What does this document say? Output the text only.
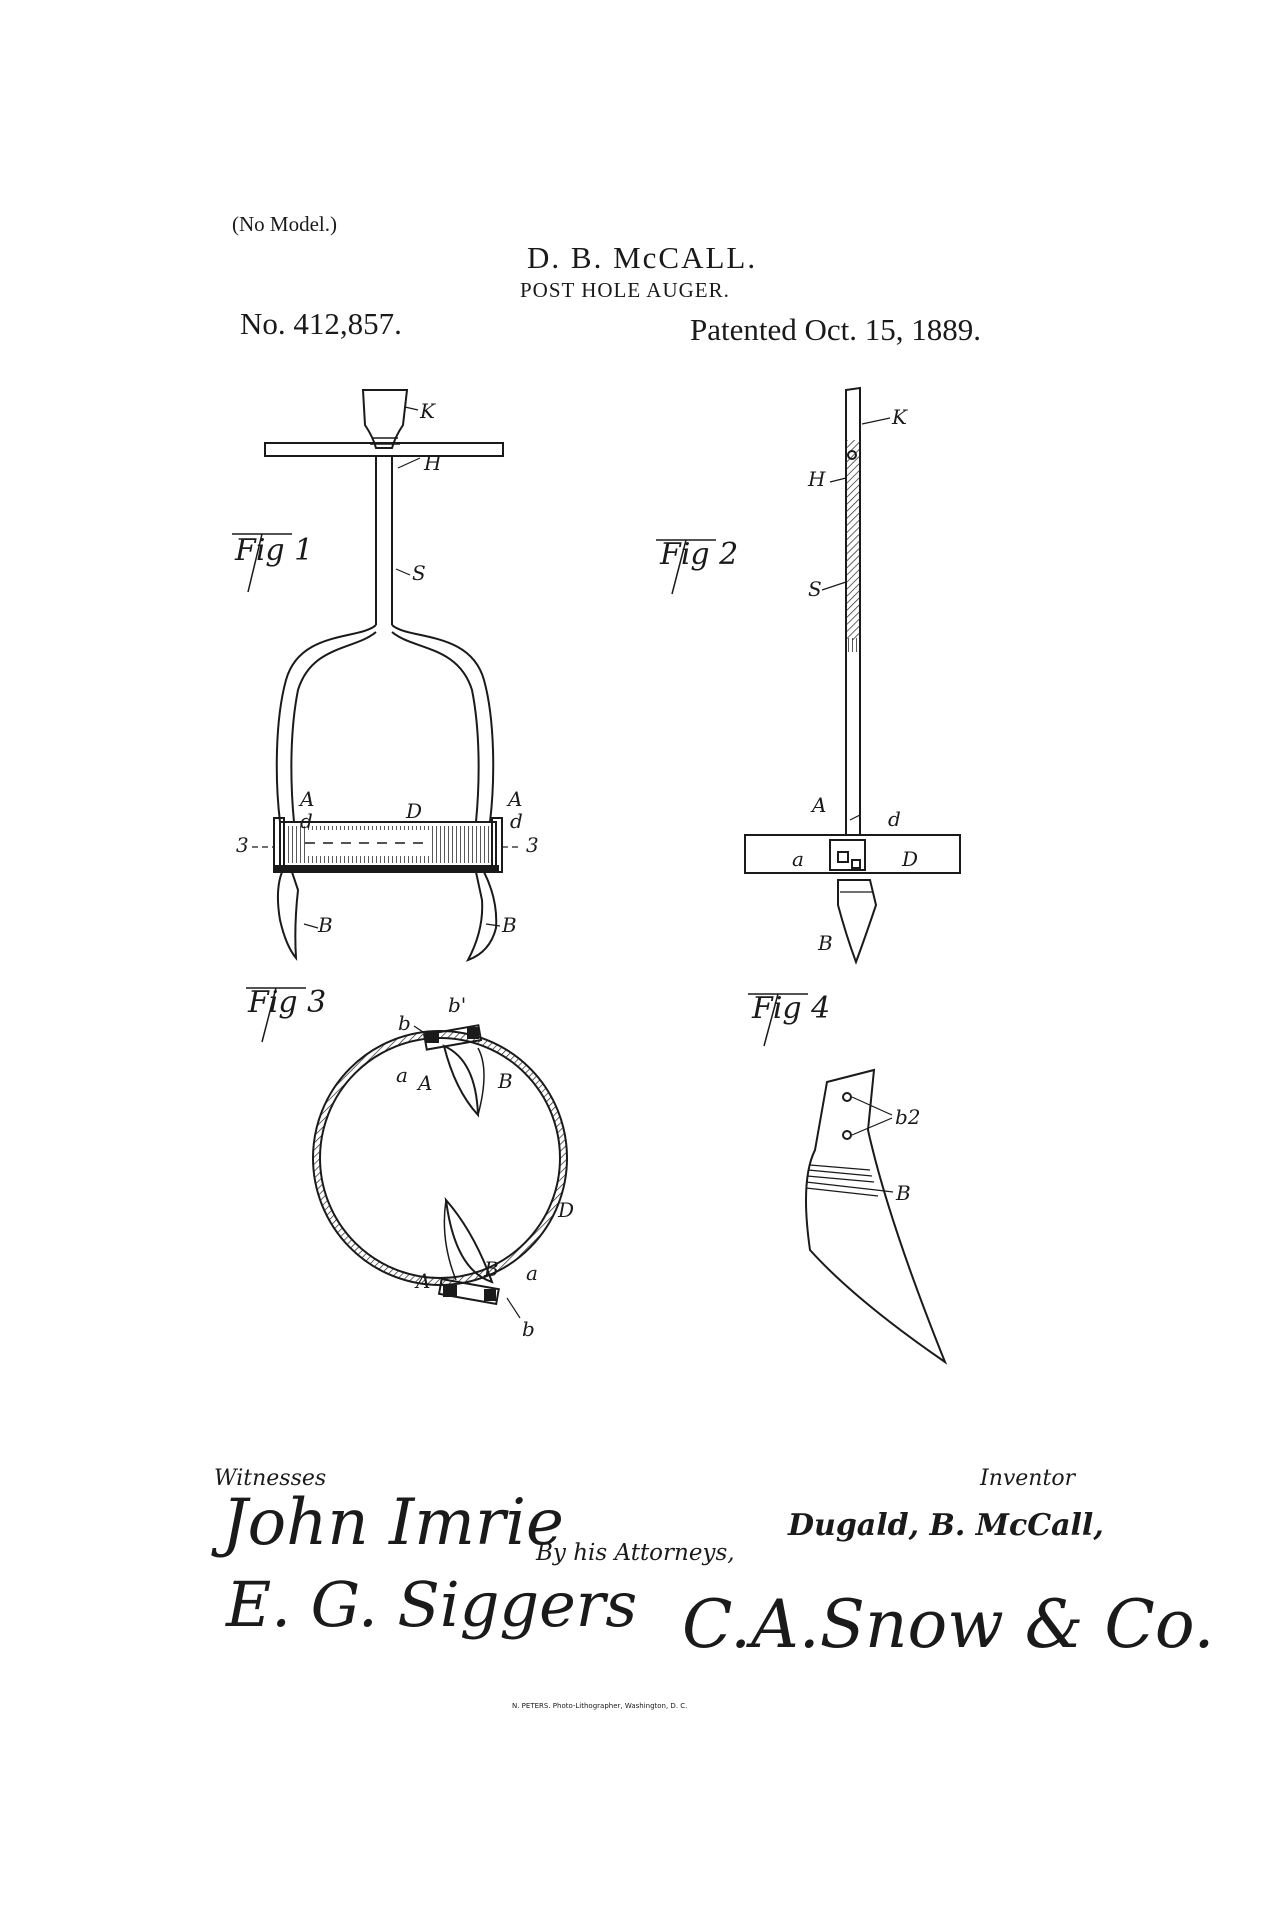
(No Model.)
D. B. McCALL.
POST HOLE AUGER.
No. 412,857.	Patented Oct. 15, 1889.
K
H
S
A	A
D
d	d
3	3
B	B
K
H
S
A
d
a	D
B
b
b'
a A	B
D
B
A	a
b
b2
B
Fig 1	Fig 2
Fig 3	Fig 4
Witnesses
John Imrie
E. G. Siggers
Inventor
Dugald, B. McCall,
By his Attorneys,
C.A.Snow & Co.
N. PETERS. Photo-Lithographer, Washington, D. C.
